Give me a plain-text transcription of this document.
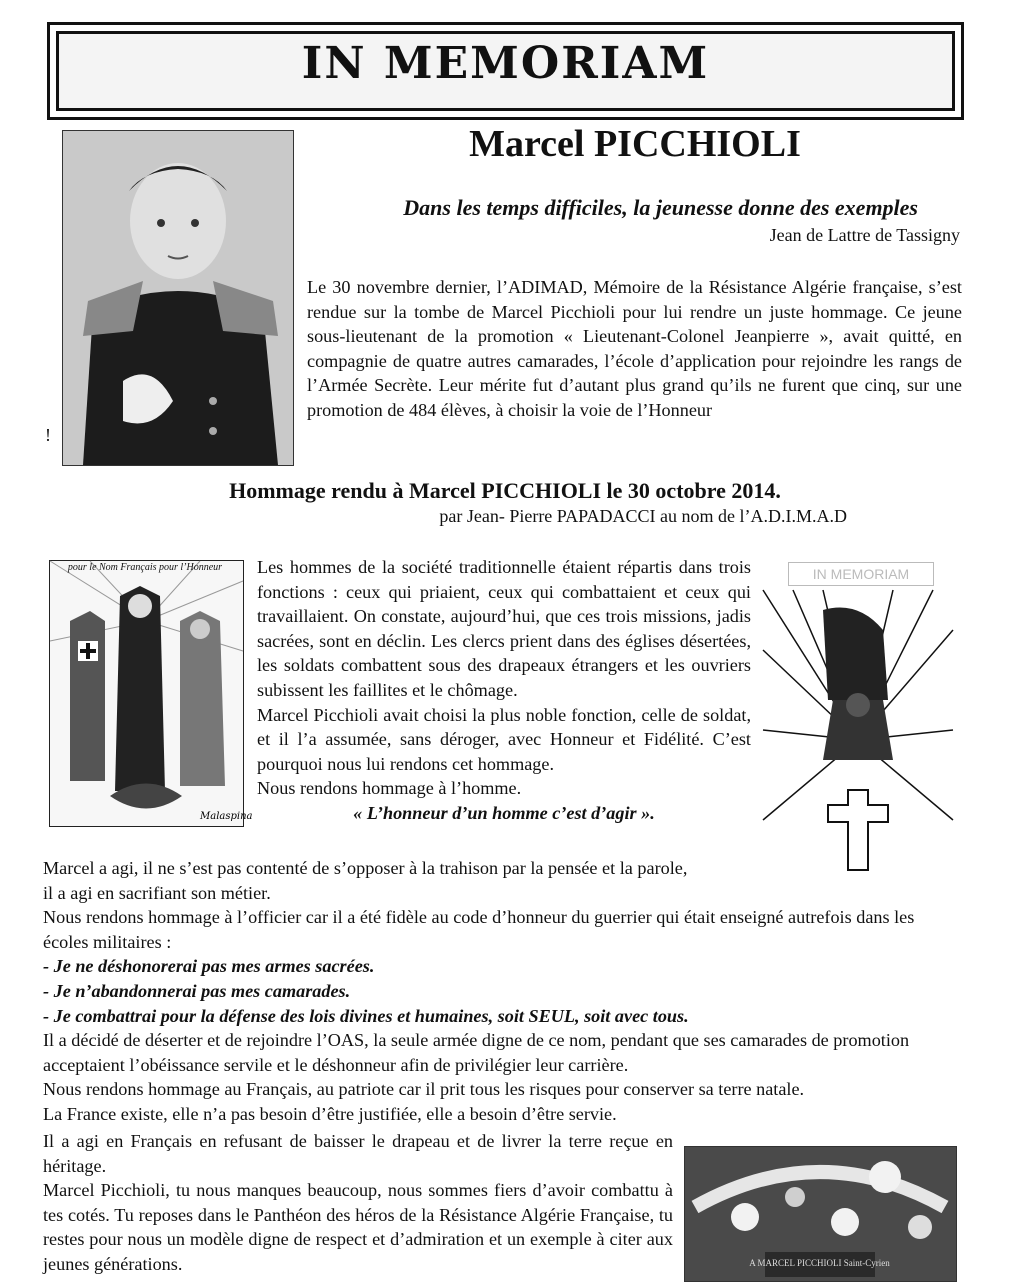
IN MEMORIAM
Marcel PICCHIOLI
Dans les temps difficiles, la jeunesse donne des exemples
Jean de Lattre de Tassigny
Le 30 novembre dernier, l’ADIMAD, Mémoire de la Résistance Algérie française, s’est rendue sur la tombe de Marcel Picchioli pour lui rendre un juste hommage. Ce jeune sous-lieutenant de la promotion « Lieutenant-Colonel Jeanpierre », avait quitté, en compagnie de quatre autres camarades, l’école d’application pour rejoindre les rangs de l’Armée Secrète. Leur mérite fut d’autant plus grand qu’ils ne furent que cinq, sur une promotion de 484 élèves, à choisir la voie de l’Honneur
!
Hommage rendu à Marcel PICCHIOLI le 30 octobre 2014.
par Jean- Pierre PAPADACCI au nom de l’A.D.I.M.A.D
Malaspina
pour le Nom Français pour l’Honneur	IN MEMORIAM
Les hommes de la société traditionnelle étaient répartis dans trois fonctions : ceux qui priaient, ceux qui combattaient et ceux qui travaillaient. On constate, aujourd’hui, que ces trois missions, jadis sacrées, sont en déclin. Les clercs prient dans des églises désertées, les soldats combattent sous des drapeaux étrangers et les ouvriers subissent les faillites et le chômage.
Marcel Picchioli avait choisi la plus noble fonction, celle de soldat, et il l’a assumée, sans déroger, avec Honneur et Fidélité. C’est pourquoi nous lui rendons cet hommage.
Nous rendons hommage à l’homme.
« L’honneur d’un homme c’est d’agir ».
Marcel a agi, il ne s’est pas contenté de s’opposer à la trahison par la pensée et la parole,
il a agi en sacrifiant son métier.
Nous rendons hommage à l’officier car il a été fidèle au code d’honneur du guerrier qui était enseigné autrefois dans les écoles militaires :
- Je ne déshonorerai pas mes armes sacrées.
- Je n’abandonnerai pas mes camarades.
- Je combattrai pour la défense des lois divines et humaines, soit SEUL, soit avec tous.
Il a décidé de déserter et de rejoindre l’OAS, la seule armée digne de ce nom, pendant que ses camarades de promotion acceptaient l’obéissance servile et le déshonneur afin de privilégier leur carrière.
Nous rendons hommage au Français, au patriote car il prit tous les risques pour conserver sa terre natale.
La France existe, elle n’a pas besoin d’être justifiée, elle a besoin d’être servie.
Il a agi en Français en refusant de baisser le drapeau et de livrer la terre reçue en héritage.
Marcel Picchioli, tu nous manques beaucoup, nous sommes fiers d’avoir combattu à tes cotés. Tu reposes dans le Panthéon des héros de la Résistance Algérie Française, tu restes pour nous un modèle digne de respect et d’admiration et un exemple à citer aux jeunes générations.	A MARCEL PICCHIOLI Saint-Cyrien
